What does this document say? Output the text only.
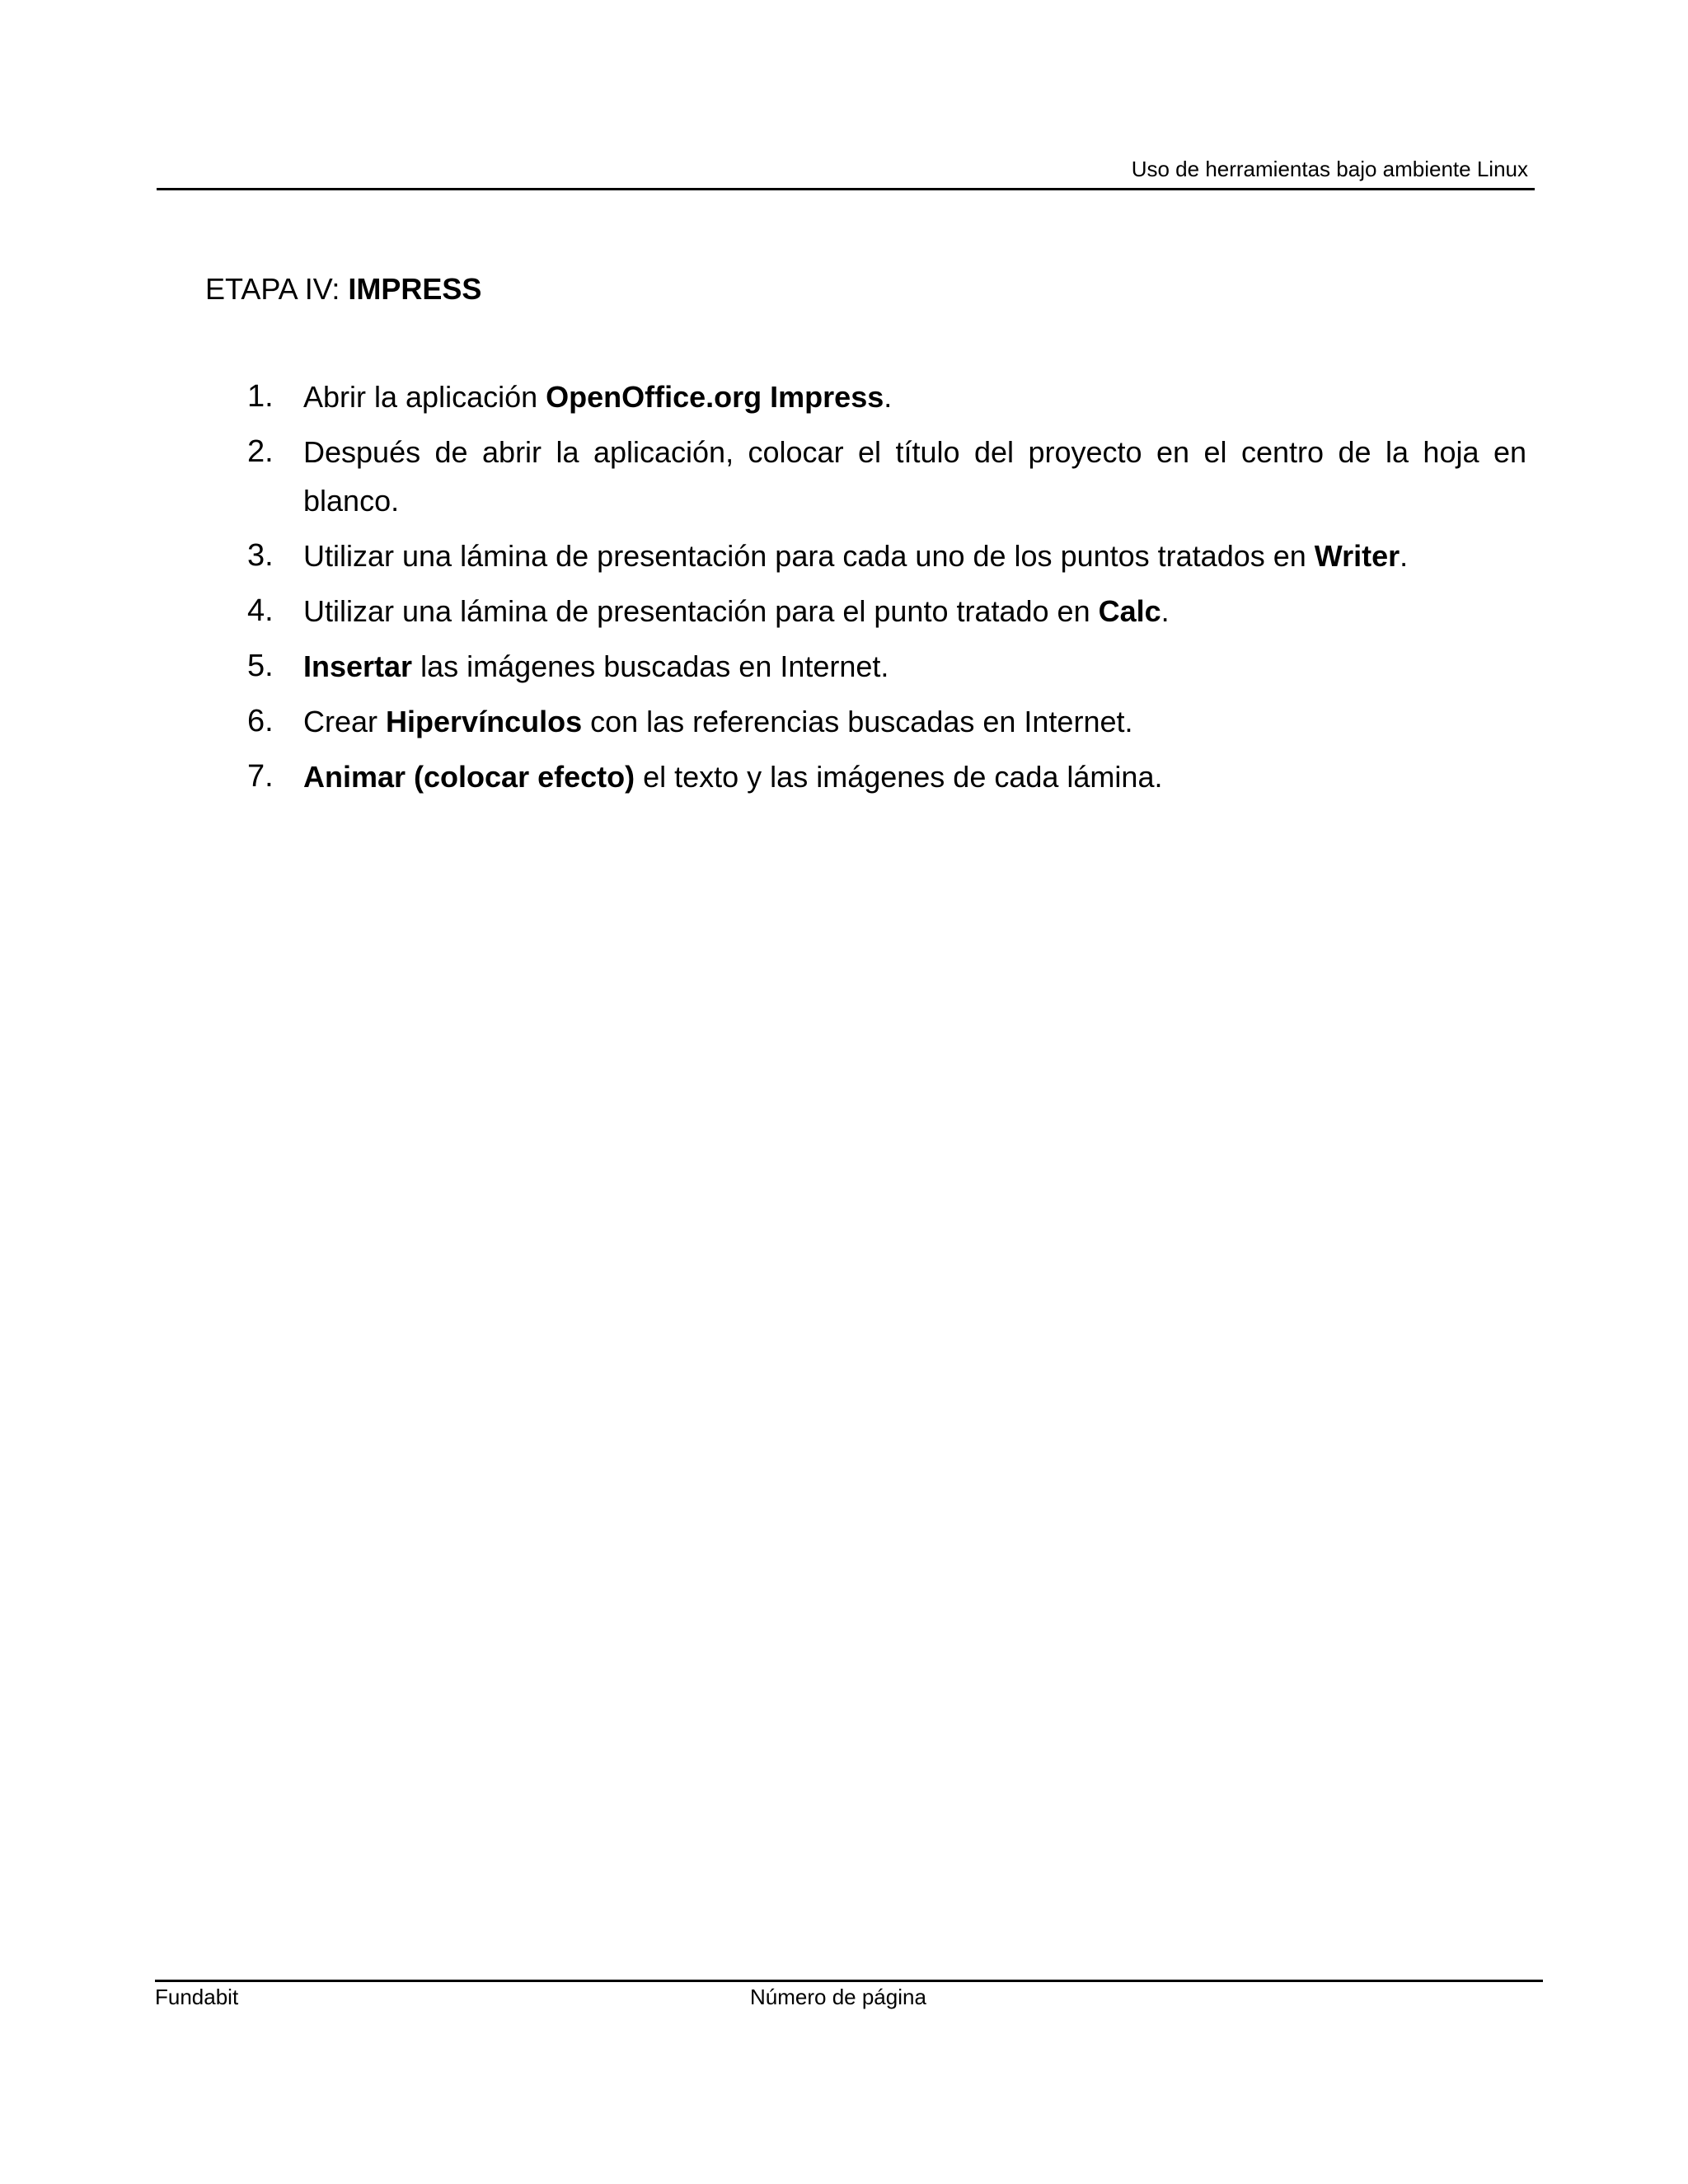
Uso de herramientas bajo ambiente Linux
ETAPA IV: IMPRESS
1.	Abrir la aplicación OpenOffice.org Impress.
2.	Después de abrir la aplicación, colocar el título del proyecto en el centro de la hoja en blanco.
3.	Utilizar una lámina de presentación para cada uno de los puntos tratados en Writer.
4.	Utilizar una lámina de presentación para el punto tratado en Calc.
5.	Insertar las imágenes buscadas en Internet.
6.	Crear Hipervínculos con las referencias buscadas en Internet.
7.	Animar (colocar efecto) el texto y las imágenes de cada lámina.
Fundabit	Número de página
